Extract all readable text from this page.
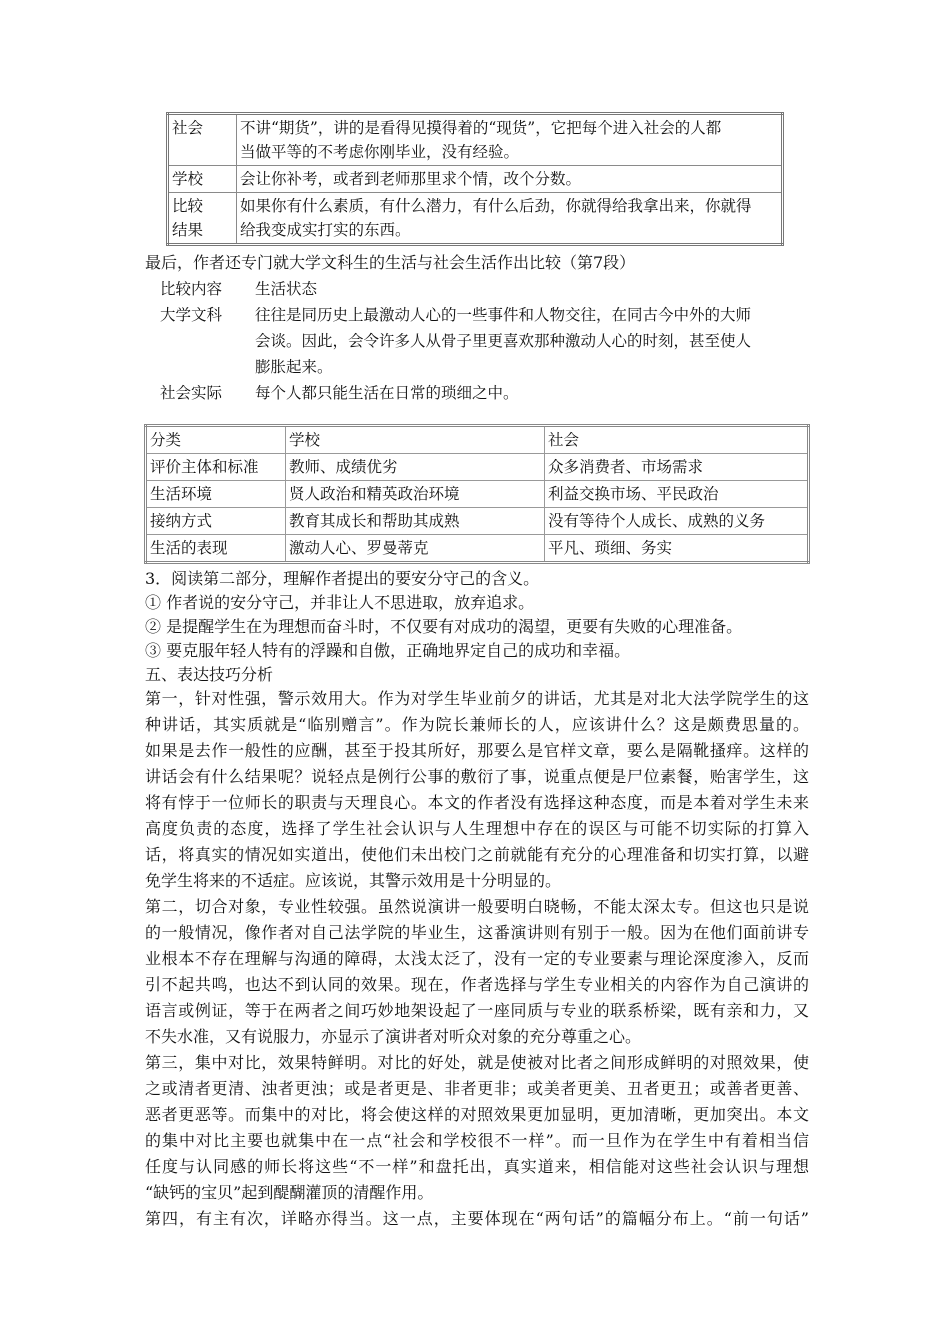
社会	不讲“期货”，讲的是看得见摸得着的“现货”，它把每个进入社会的人都
当做平等的不考虑你刚毕业，没有经验。

学校	会让你补考，或者到老师那里求个情，改个分数。

比较
结果	如果你有什么素质，有什么潜力，有什么后劲，你就得给我拿出来，你就得
给我变成实打实的东西。
最后，作者还专门就大学文科生的生活与社会生活作出比较（第7段）
比较内容 生活状态
大学文科 往往是同历史上最激动人心的一些事件和人物交往，在同古今中外的大师
会谈。因此，会令许多人从骨子里更喜欢那种激动人心的时刻，甚至使人
膨胀起来。
社会实际 每个人都只能生活在日常的琐细之中。
分类	学校	社会
评价主体和标准	教师、成绩优劣	众多消费者、市场需求
生活环境	贤人政治和精英政治环境	利益交换市场、平民政治
接纳方式	教育其成长和帮助其成熟	没有等待个人成长、成熟的义务
生活的表现	激动人心、罗曼蒂克	平凡、琐细、务实
3．阅读第二部分，理解作者提出的要安分守己的含义。
① 作者说的安分守己，并非让人不思进取，放弃追求。
② 是提醒学生在为理想而奋斗时，不仅要有对成功的渴望，更要有失败的心理准备。
③ 要克服年轻人特有的浮躁和自傲，正确地界定自己的成功和幸福。
五、表达技巧分析
第一，针对性强，警示效用大。作为对学生毕业前夕的讲话，尤其是对北大法学院学生的这
种讲话，其实质就是“临别赠言”。作为院长兼师长的人，应该讲什么？这是颇费思量的。
如果是去作一般性的应酬，甚至于投其所好，那要么是官样文章，要么是隔靴搔痒。这样的
讲话会有什么结果呢？说轻点是例行公事的敷衍了事，说重点便是尸位素餐，贻害学生，这
将有悖于一位师长的职责与天理良心。本文的作者没有选择这种态度，而是本着对学生未来
高度负责的态度，选择了学生社会认识与人生理想中存在的误区与可能不切实际的打算入
话，将真实的情况如实道出，使他们未出校门之前就能有充分的心理准备和切实打算，以避
免学生将来的不适症。应该说，其警示效用是十分明显的。
第二，切合对象，专业性较强。虽然说演讲一般要明白晓畅，不能太深太专。但这也只是说
的一般情况，像作者对自己法学院的毕业生，这番演讲则有别于一般。因为在他们面前讲专
业根本不存在理解与沟通的障碍，太浅太泛了，没有一定的专业要素与理论深度渗入，反而
引不起共鸣，也达不到认同的效果。现在，作者选择与学生专业相关的内容作为自己演讲的
语言或例证，等于在两者之间巧妙地架设起了一座同质与专业的联系桥梁，既有亲和力，又
不失水准，又有说服力，亦显示了演讲者对听众对象的充分尊重之心。
第三，集中对比，效果特鲜明。对比的好处，就是使被对比者之间形成鲜明的对照效果，使
之或清者更清、浊者更浊；或是者更是、非者更非；或美者更美、丑者更丑；或善者更善、
恶者更恶等。而集中的对比，将会使这样的对照效果更加显明，更加清晰，更加突出。本文
的集中对比主要也就集中在一点“社会和学校很不一样”。而一旦作为在学生中有着相当信
任度与认同感的师长将这些“不一样”和盘托出，真实道来，相信能对这些社会认识与理想
“缺钙的宝贝”起到醍醐灌顶的清醒作用。
第四，有主有次，详略亦得当。这一点，主要体现在“两句话”的篇幅分布上。“前一句话”
